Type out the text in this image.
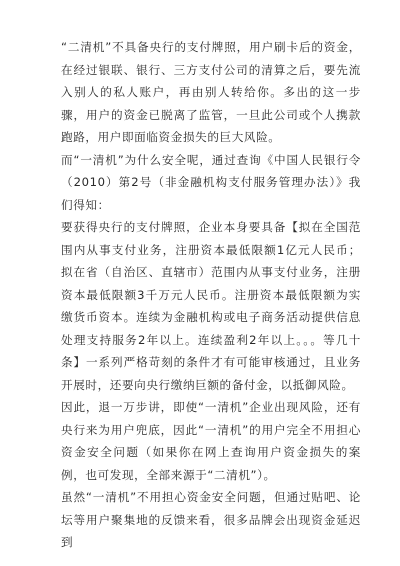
“二清机”不具备央行的支付牌照，用户刷卡后的资金，在经过银联、银行、三方支付公司的清算之后，要先流入别人的私人账户，再由别人转给你。多出的这一步骤，用户的资金已脱离了监管，一旦此公司或个人携款跑路，用户即面临资金损失的巨大风险。

而“一清机”为什么安全呢，通过查询《中国人民银行令（2010）第2号（非金融机构支付服务管理办法）》我们得知：

要获得央行的支付牌照，企业本身要具备【拟在全国范围内从事支付业务，注册资本最低限额1亿元人民币；拟在省（自治区、直辖市）范围内从事支付业务，注册资本最低限额3千万元人民币。注册资本最低限额为实缴货币资本。连续为金融机构或电子商务活动提供信息处理支持服务2年以上。连续盈利2年以上。。。等几十条】一系列严格苛刻的条件才有可能审核通过，且业务开展时，还要向央行缴纳巨额的备付金，以抵御风险。

因此，退一万步讲，即使“一清机”企业出现风险，还有央行来为用户兜底，因此“一清机”的用户完全不用担心资金安全问题（如果你在网上查询用户资金损失的案例，也可发现，全部来源于“二清机”）。

虽然“一清机”不用担心资金安全问题，但通过贴吧、论坛等用户聚集地的反馈来看，很多品牌会出现资金延迟到
